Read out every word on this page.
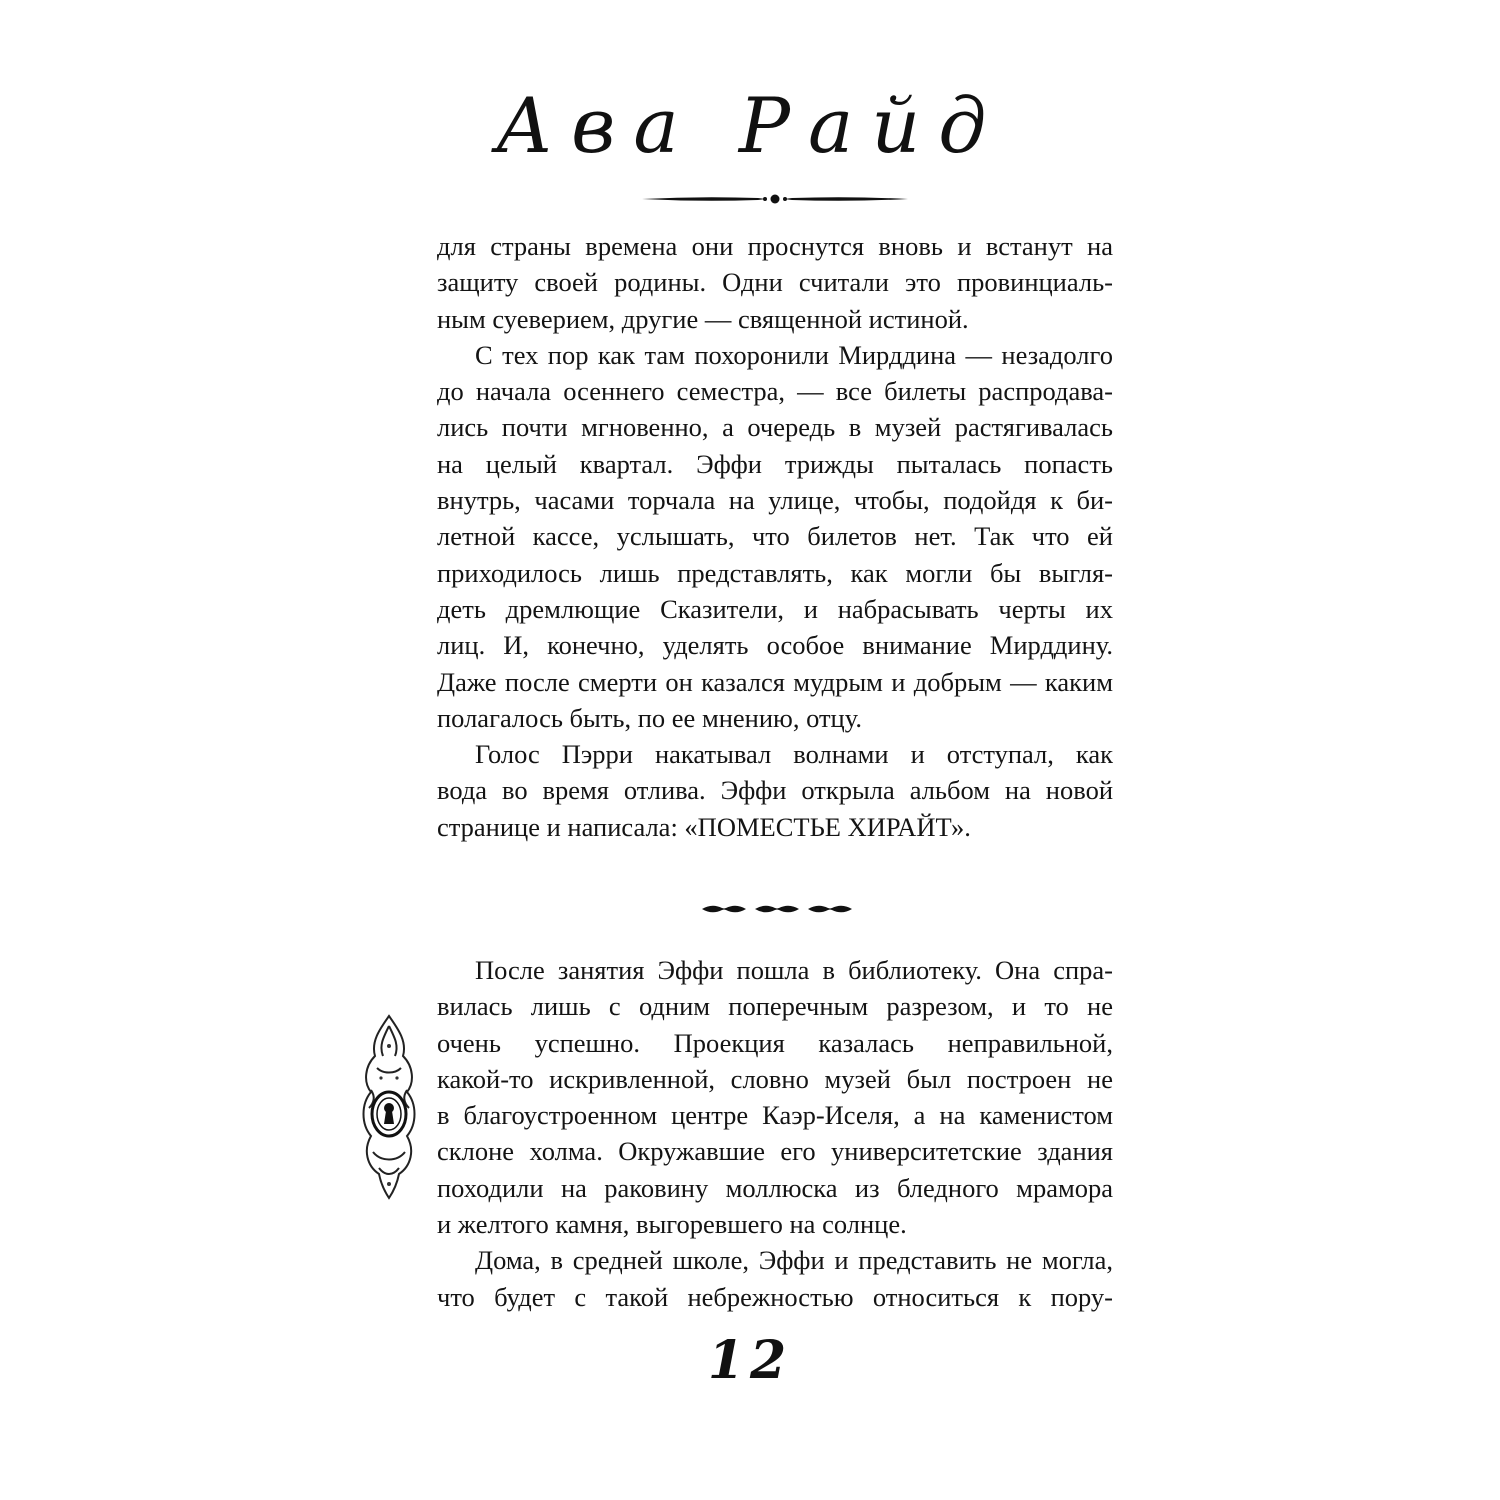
Ава Райд

для страны времена они проснутся вновь и встанут на

защиту своей родины. Одни считали это провинциаль-

ным суеверием, другие — священной истиной.

С тех пор как там похоронили Мирддина — незадолго

до начала осеннего семестра, — все билеты распродава-

лись почти мгновенно, а очередь в музей растягивалась

на целый квартал. Эффи трижды пыталась попасть

внутрь, часами торчала на улице, чтобы, подойдя к би-

летной кассе, услышать, что билетов нет. Так что ей

приходилось лишь представлять, как могли бы выгля-

деть дремлющие Сказители, и набрасывать черты их

лиц. И, конечно, уделять особое внимание Мирддину.

Даже после смерти он казался мудрым и добрым — каким

полагалось быть, по ее мнению, отцу.

Голос Пэрри накатывал волнами и отступал, как

вода во время отлива. Эффи открыла альбом на новой

странице и написала: «ПОМЕСТЬЕ ХИРАЙТ».

После занятия Эффи пошла в библиотеку. Она спра-

вилась лишь с одним поперечным разрезом, и то не

очень успешно. Проекция казалась неправильной,

какой-то искривленной, словно музей был построен не

в благоустроенном центре Каэр-Иселя, а на каменистом

склоне холма. Окружавшие его университетские здания

походили на раковину моллюска из бледного мрамора

и желтого камня, выгоревшего на солнце.

Дома, в средней школе, Эффи и представить не могла,

что будет с такой небрежностью относиться к пору-

12
